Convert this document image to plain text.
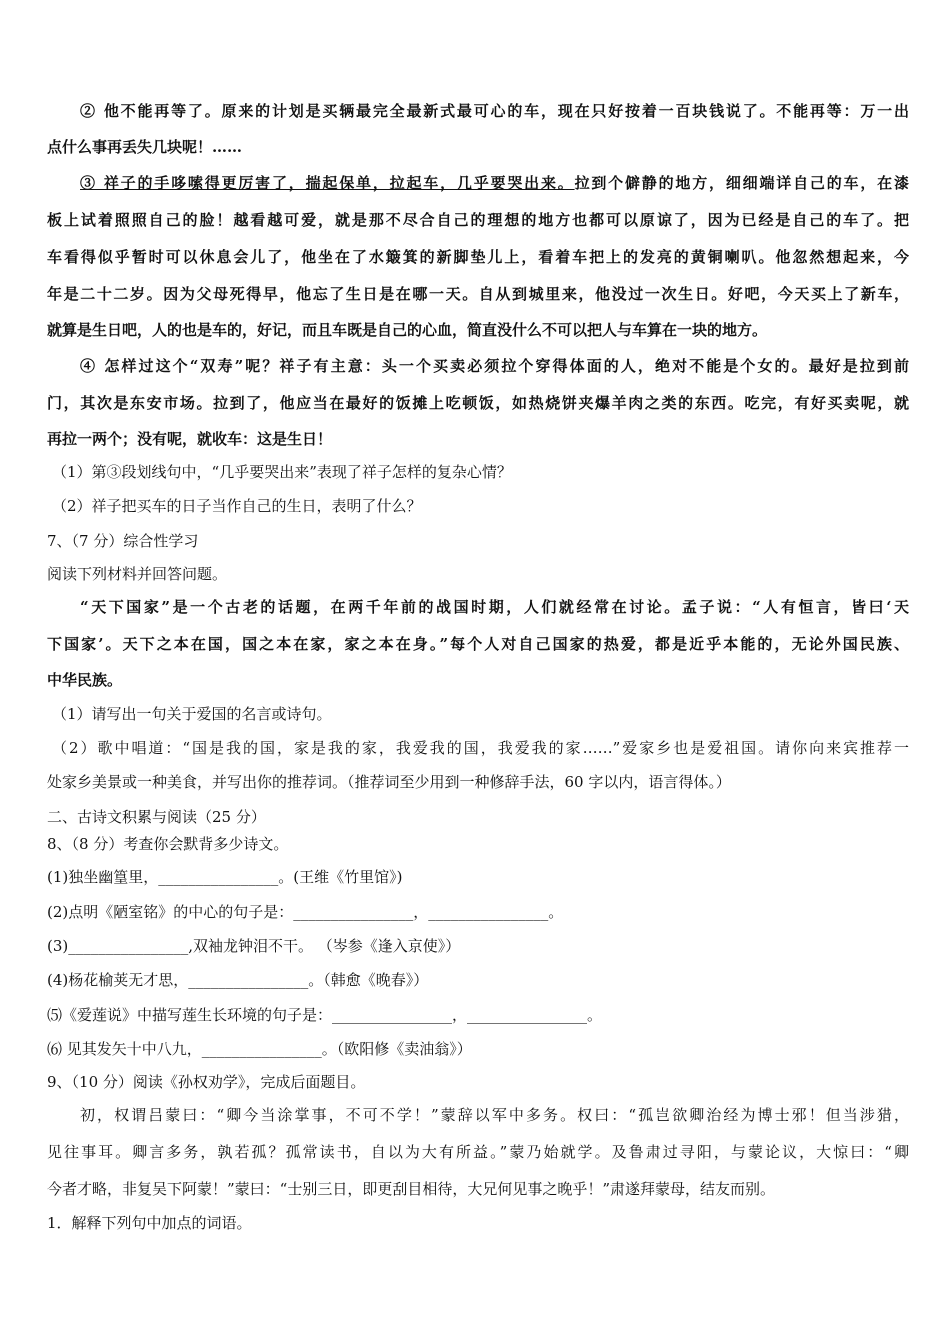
② 他不能再等了。原来的计划是买辆最完全最新式最可心的车，现在只好按着一百块钱说了。不能再等：万一出
点什么事再丢失几块呢！……
③ 祥子的手哆嗦得更厉害了，揣起保单，拉起车，几乎要哭出来。拉到个僻静的地方，细细端详自己的车，在漆
板上试着照照自己的脸！越看越可爱，就是那不尽合自己的理想的地方也都可以原谅了，因为已经是自己的车了。把
车看得似乎暂时可以休息会儿了，他坐在了水簸箕的新脚垫儿上，看着车把上的发亮的黄铜喇叭。他忽然想起来，今
年是二十二岁。因为父母死得早，他忘了生日是在哪一天。自从到城里来，他没过一次生日。好吧，今天买上了新车，
就算是生日吧，人的也是车的，好记，而且车既是自己的心血，简直没什么不可以把人与车算在一块的地方。
④ 怎样过这个“双寿”呢？祥子有主意：头一个买卖必须拉个穿得体面的人，绝对不能是个女的。最好是拉到前
门，其次是东安市场。拉到了，他应当在最好的饭摊上吃顿饭，如热烧饼夹爆羊肉之类的东西。吃完，有好买卖呢，就
再拉一两个；没有呢，就收车：这是生日！
（1）第③段划线句中，“几乎要哭出来”表现了祥子怎样的复杂心情？
（2）祥子把买车的日子当作自己的生日，表明了什么？
7、（7 分）综合性学习
阅读下列材料并回答问题。
“天下国家”是一个古老的话题，在两千年前的战国时期，人们就经常在讨论。孟子说：“人有恒言，皆曰‘天
下国家’。天下之本在国，国之本在家，家之本在身。”每个人对自己国家的热爱，都是近乎本能的，无论外国民族、
中华民族。
（1）请写出一句关于爱国的名言或诗句。
（2）歌中唱道：“国是我的国，家是我的家，我爱我的国，我爱我的家……”爱家乡也是爱祖国。请你向来宾推荐一
处家乡美景或一种美食，并写出你的推荐词。（推荐词至少用到一种修辞手法，60 字以内，语言得体。）
二、古诗文积累与阅读（25 分）
8、（8 分）考查你会默背多少诗文。
(1)独坐幽篁里，________________。(王维《竹里馆》)
(2)点明《陋室铭》的中心的句子是：________________，________________。
(3)________________,双袖龙钟泪不干。 （岑参《逢入京使》）
(4)杨花榆荚无才思，________________。（韩愈《晚春》）
⑸《爱莲说》中描写莲生长环境的句子是：________________，________________。
⑹ 见其发矢十中八九，________________。（欧阳修《卖油翁》）
9、（10 分）阅读《孙权劝学》，完成后面题目。
初，权谓吕蒙曰：“卿今当涂掌事，不可不学！”蒙辞以军中多务。权曰：“孤岂欲卿治经为博士邪！但当涉猎，
见往事耳。卿言多务，孰若孤？孤常读书，自以为大有所益。”蒙乃始就学。及鲁肃过寻阳，与蒙论议，大惊曰：“卿
今者才略，非复吴下阿蒙！”蒙曰：“士别三日，即更刮目相待，大兄何见事之晚乎！”肃遂拜蒙母，结友而别。
1．解释下列句中加点的词语。
